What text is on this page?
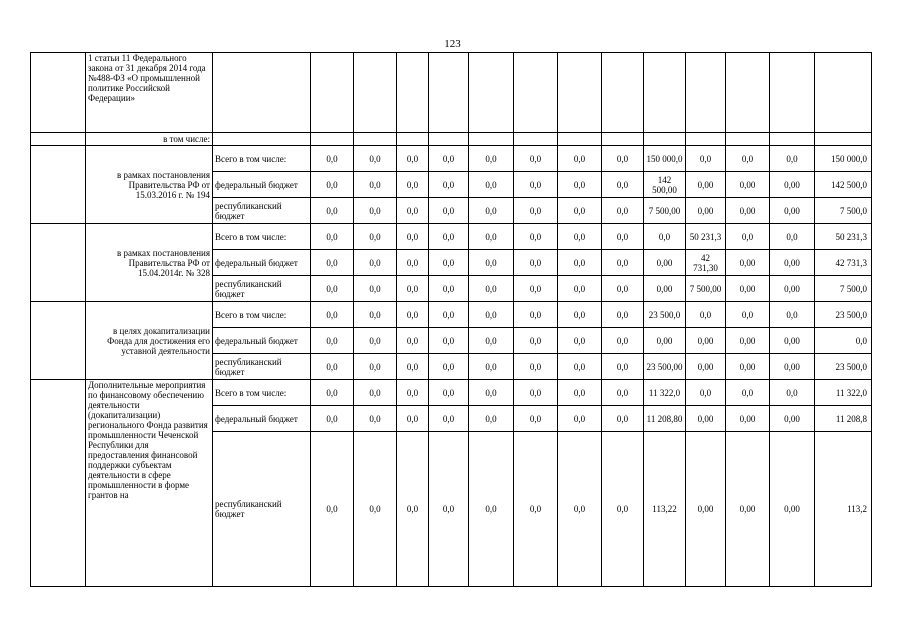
123
	1 статьи 11 Федерального закона от 31 декабря 2014 года №488-ФЗ «О промышленной политике Российской Федерации»														
	в том числе:														
	в рамках постановления Правительства РФ от 15.03.2016 г. № 194	Всего в том числе:	0,0	0,0	0,0	0,0	0,0	0,0	0,0	0,0	150 000,0	0,0	0,0	0,0	150 000,0
		федеральный бюджет	0,0	0,0	0,0	0,0	0,0	0,0	0,0	0,0	142 500,00	0,00	0,00	0,00	142 500,0
		республиканский бюджет	0,0	0,0	0,0	0,0	0,0	0,0	0,0	0,0	7 500,00	0,00	0,00	0,00	7 500,0
	в рамках постановления Правительства РФ от 15.04.2014г. № 328	Всего в том числе:	0,0	0,0	0,0	0,0	0,0	0,0	0,0	0,0	0,0	50 231,3	0,0	0,0	50 231,3
		федеральный бюджет	0,0	0,0	0,0	0,0	0,0	0,0	0,0	0,0	0,00	42 731,30	0,00	0,00	42 731,3
		республиканский бюджет	0,0	0,0	0,0	0,0	0,0	0,0	0,0	0,0	0,00	7 500,00	0,00	0,00	7 500,0
	в целях докапитализации Фонда для достижения его уставной деятельности	Всего в том числе:	0,0	0,0	0,0	0,0	0,0	0,0	0,0	0,0	23 500,0	0,0	0,0	0,0	23 500,0
		федеральный бюджет	0,0	0,0	0,0	0,0	0,0	0,0	0,0	0,0	0,00	0,00	0,00	0,00	0,0
		республиканский бюджет	0,0	0,0	0,0	0,0	0,0	0,0	0,0	0,0	23 500,00	0,00	0,00	0,00	23 500,0
	Дополнительные мероприятия по финансовому обеспечению деятельности (докапитализации) регионального Фонда развития промышленности Чеченской Республики для предоставления финансовой поддержки субъектам деятельности в сфере промышленности в форме грантов на	Всего в том числе:	0,0	0,0	0,0	0,0	0,0	0,0	0,0	0,0	11 322,0	0,0	0,0	0,0	11 322,0
		федеральный бюджет	0,0	0,0	0,0	0,0	0,0	0,0	0,0	0,0	11 208,80	0,00	0,00	0,00	11 208,8
		республиканский бюджет	0,0	0,0	0,0	0,0	0,0	0,0	0,0	0,0	113,22	0,00	0,00	0,00	113,2
